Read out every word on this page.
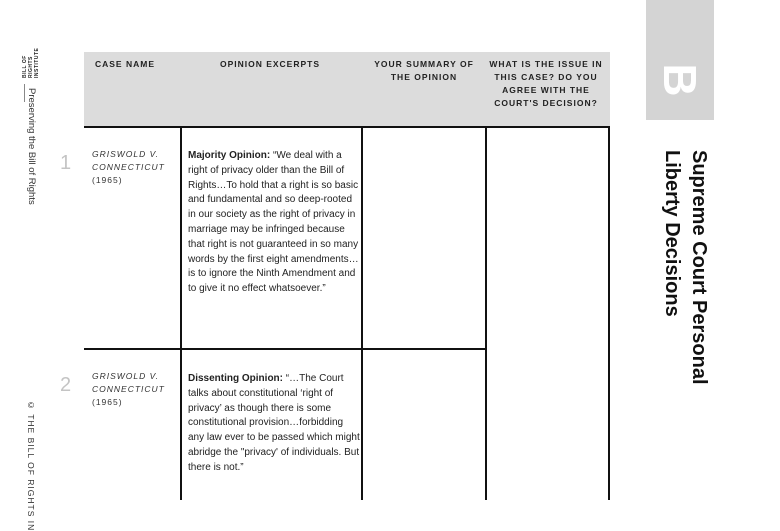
BILL OF RIGHTS INSTITUTE
Preserving the Bill of Rights
© THE BILL OF RIGHTS IN
1
2
CASE NAME	OPINION EXCERPTS	YOUR SUMMARY OF THE OPINION
WHAT IS THE ISSUE IN THIS CASE? DO YOU AGREE WITH THE COURT'S DECISION?
GRISWOLD V. CONNECTICUT
(1965)
Majority Opinion: “We deal with a right of privacy older than the Bill of Rights…To hold that a right is so basic and fundamental and so deep-rooted in our society as the right of privacy in marriage may be infringed because that right is not guaranteed in so many words by the first eight amendments…is to ignore the Ninth Amendment and to give it no effect whatsoever.”
GRISWOLD V. CONNECTICUT
(1965)
Dissenting Opinion: “…The Court talks about constitutional ‘right of privacy’ as though there is some constitutional provision…forbidding any law ever to be passed which might abridge the "privacy' of individuals. But there is not.”
B
Supreme Court Personal
Liberty Decisions
